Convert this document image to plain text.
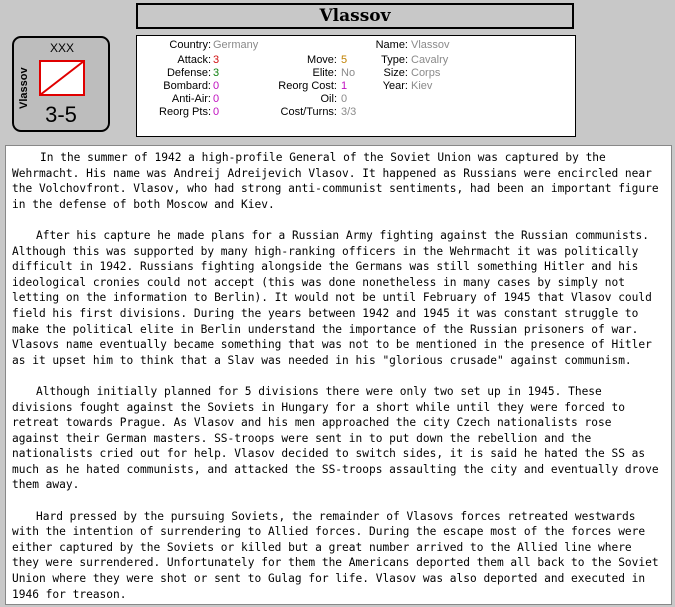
Vlassov
XXX
Vlassov
3-5
Country: Germany
Attack: 3
Defense: 3
Bombard: 0
Anti-Air: 0
Reorg Pts: 0
Move: 5
Elite: No
Reorg Cost: 1
Oil: 0
Cost/Turns: 3/3
Name: Vlassov
Type: Cavalry
Size: Corps
Year: Kiev

In the summer of 1942 a high-profile General of the Soviet Union was captured by the Wehrmacht. His name was Andreij Adreijevich Vlasov. It happened as Russians were encircled near the Volchovfront. Vlasov, who had strong anti-communist sentiments, had been an important figure in the defense of both Moscow and Kiev.

After his capture he made plans for a Russian Army fighting against the Russian communists. Although this was supported by many high-ranking officers in the Wehrmacht it was politically difficult in 1942. Russians fighting alongside the Germans was still something Hitler and his ideological cronies could not accept (this was done nonetheless in many cases by simply not letting on the information to Berlin). It would not be until February of 1945 that Vlasov could field his first divisions. During the years between 1942 and 1945 it was constant struggle to make the political elite in Berlin understand the importance of the Russian prisoners of war. Vlasovs name eventually became something that was not to be mentioned in the presence of Hitler as it upset him to think that a Slav was needed in his "glorious crusade" against communism.

Although initially planned for 5 divisions there were only two set up in 1945. These divisions fought against the Soviets in Hungary for a short while until they were forced to retreat towards Prague. As Vlasov and his men approached the city Czech nationalists rose against their German masters. SS-troops were sent in to put down the rebellion and the nationalists cried out for help. Vlasov decided to switch sides, it is said he hated the SS as much as he hated communists, and attacked the SS-troops assaulting the city and eventually drove them away.

Hard pressed by the pursuing Soviets, the remainder of Vlasovs forces retreated westwards with the intention of surrendering to Allied forces. During the escape most of the forces were either captured by the Soviets or killed but a great number arrived to the Allied line where they were surrendered. Unfortunately for them the Americans deported them all back to the Soviet Union where they were shot or sent to Gulag for life. Vlasov was also deported and executed in 1946 for treason.
